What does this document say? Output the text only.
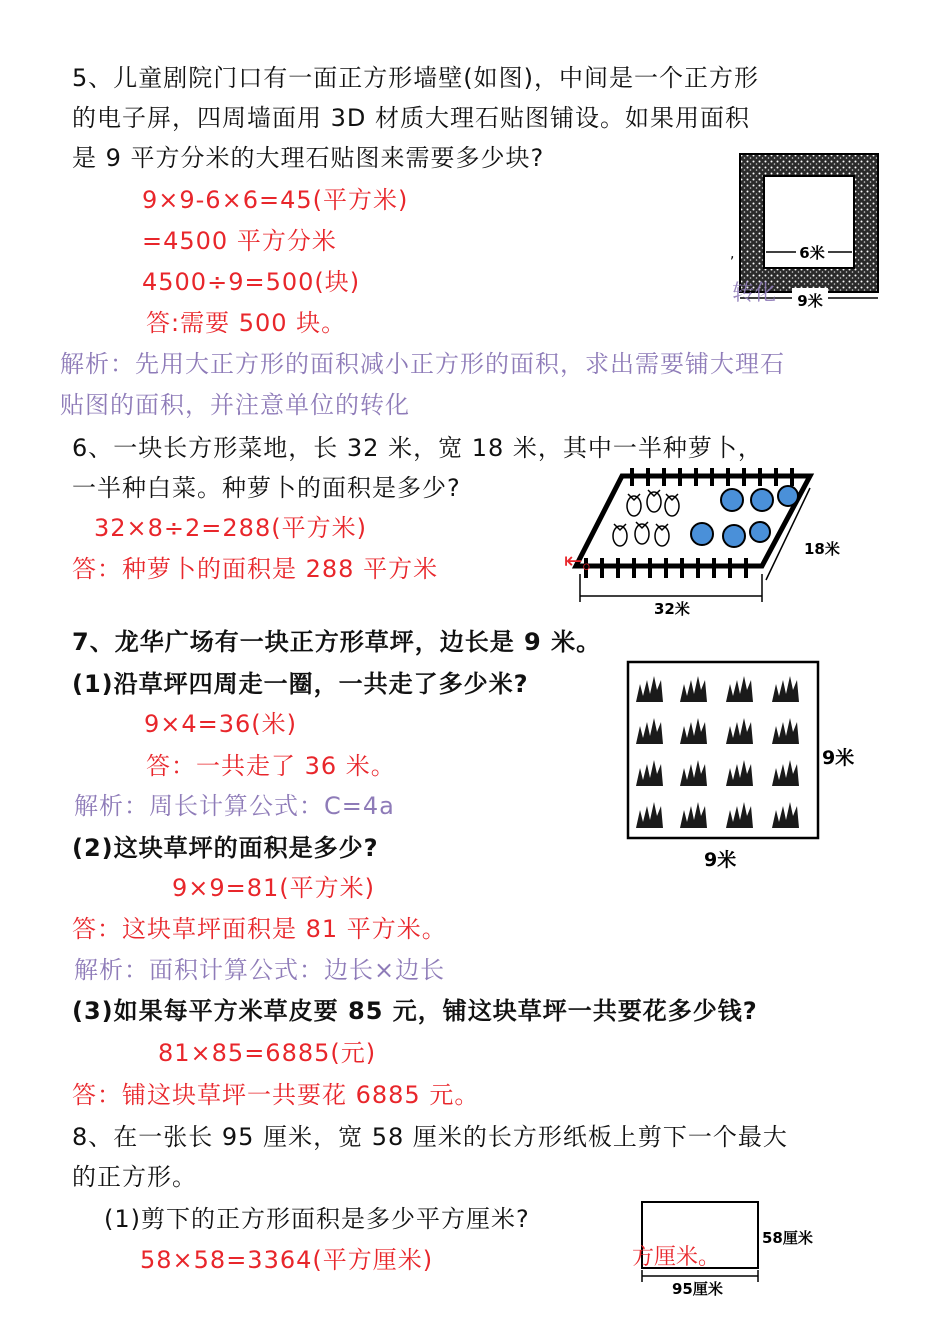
5、儿童剧院门口有一面正方形墙壁(如图)，中间是一个正方形
的电子屏，四周墙面用 3D 材质大理石贴图铺设。如果用面积
是 9 平方分米的大理石贴图来需要多少块?
9×9-6×6=45(平方米)
=4500 平方分米
4500÷9=500(块)
答:需要 500 块。
解析：先用大正方形的面积减小正方形的面积，求出需要铺大理石
贴图的面积，并注意单位的转化
6米
9米
,
转化
6、一块长方形菜地，长 32 米，宽 18 米，其中一半种萝卜，
一半种白菜。种萝卜的面积是多少?
32×8÷2=288(平方米)
答：种萝卜的面积是 288 平方米
18米
32米
⇤。
7、龙华广场有一块正方形草坪，边长是 9 米。
(1)沿草坪四周走一圈，一共走了多少米?
9×4=36(米)
答：一共走了 36 米。
解析：周长计算公式：C=4a
(2)这块草坪的面积是多少?
9×9=81(平方米)
答：这块草坪面积是 81 平方米。
解析：面积计算公式：边长×边长
(3)如果每平方米草皮要 85 元，铺这块草坪一共要花多少钱?
81×85=6885(元)
答：铺这块草坪一共要花 6885 元。
9米
9米
8、在一张长 95 厘米，宽 58 厘米的长方形纸板上剪下一个最大
的正方形。
(1)剪下的正方形面积是多少平方厘米?
58×58=3364(平方厘米)
58厘米
95厘米
方厘米。
